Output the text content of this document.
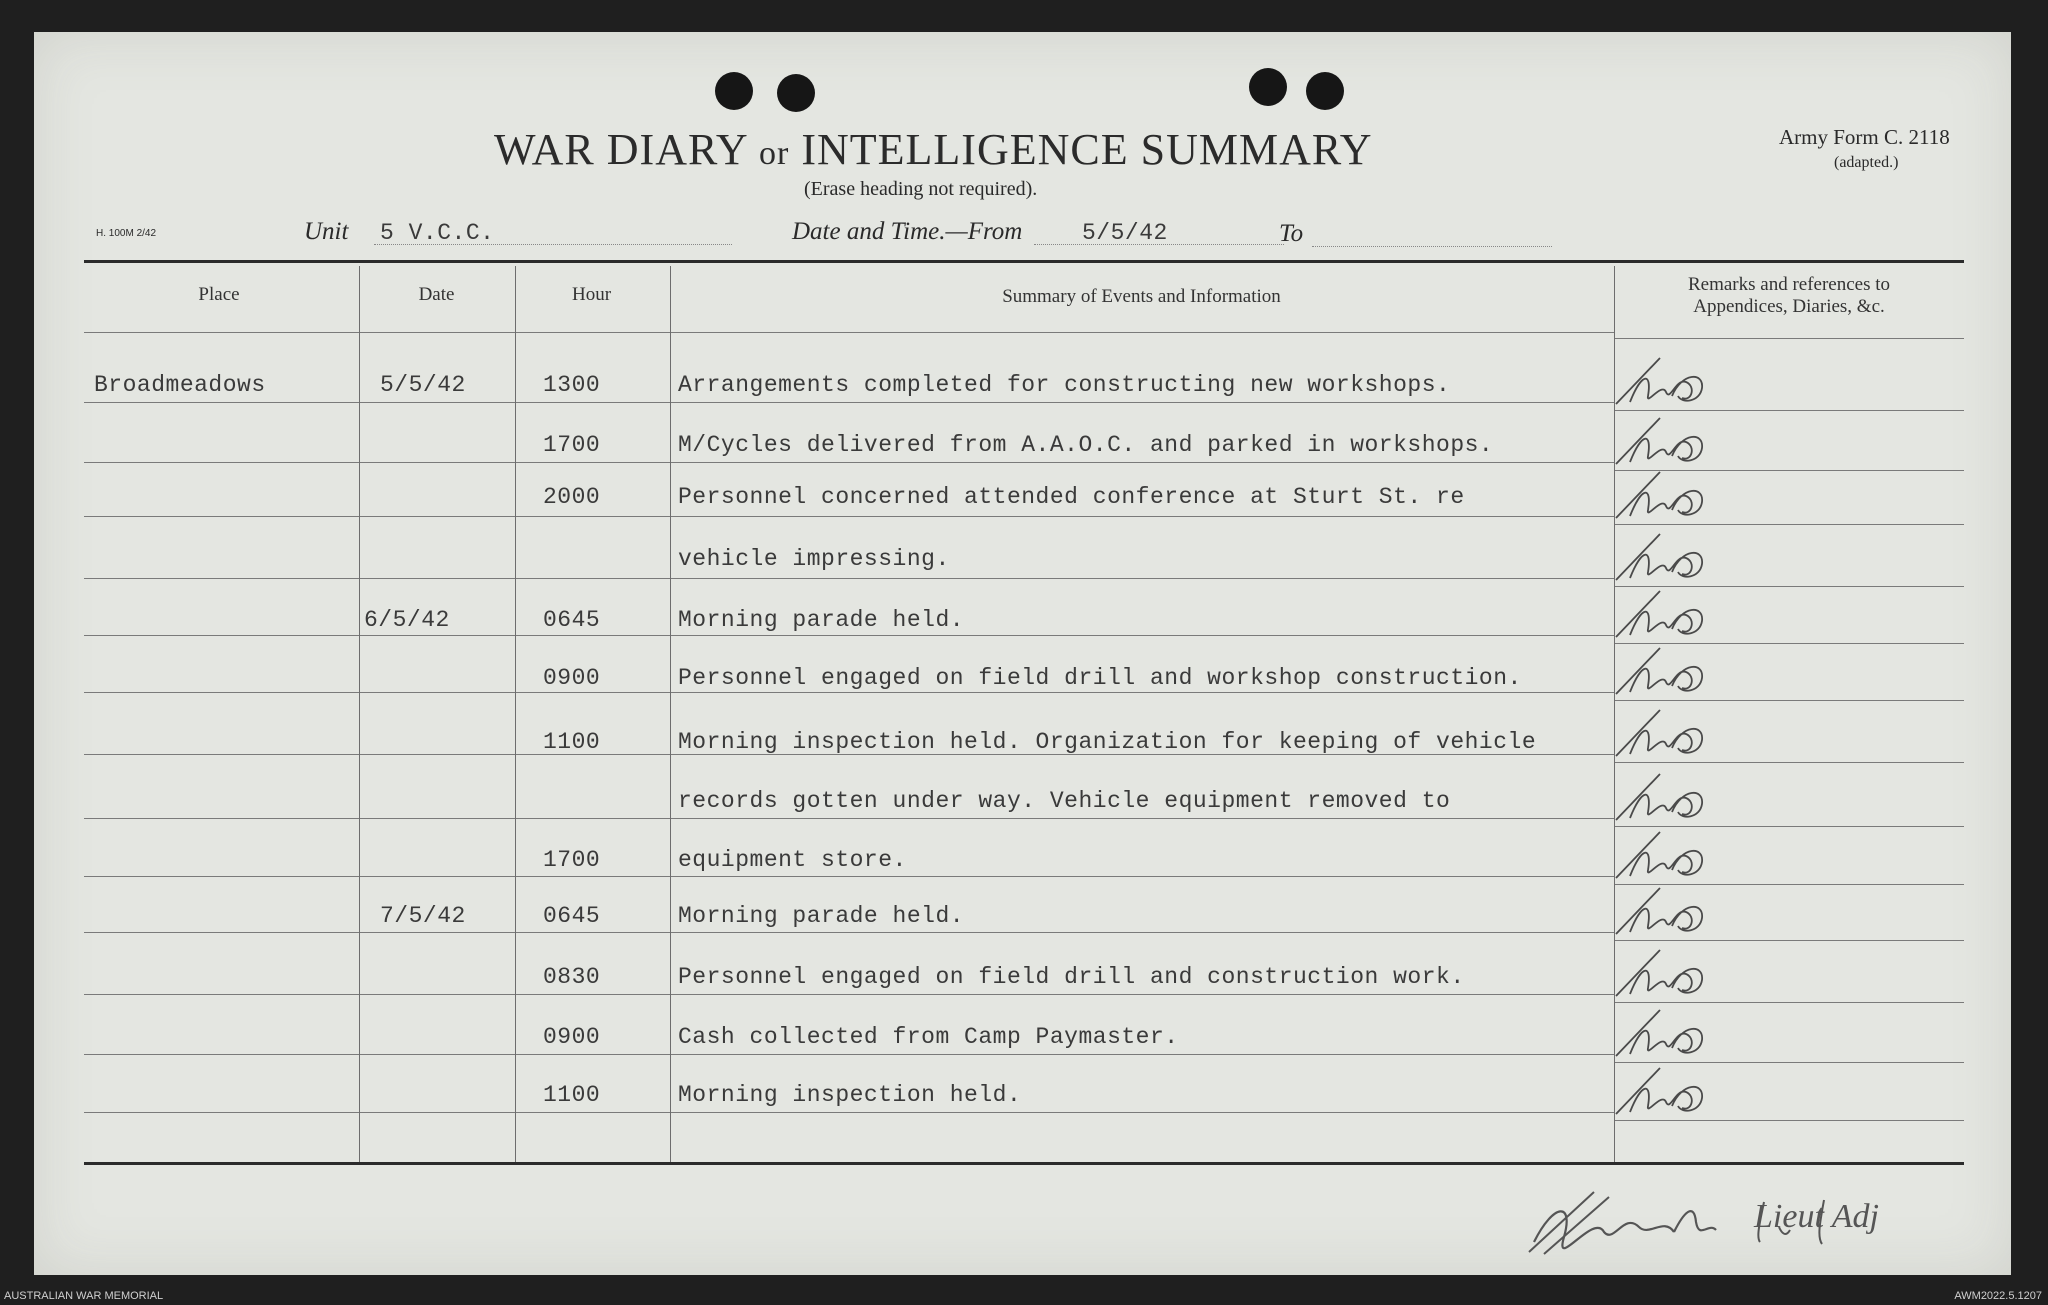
WAR DIARY or INTELLIGENCE SUMMARY
(Erase heading not required).
Army Form C. 2118
(adapted.)
H. 100M 2/42	Unit 5 V.C.C.	Date and Time.—From	5/5/42	To
Place	Date	Hour	Summary of Events and Information
Remarks and references to
Appendices, Diaries, &c.
Broadmeadows	5/5/42	1300	Arrangements completed for constructing new workshops.
1700	M/Cycles delivered from A.A.O.C. and parked in workshops.
2000	Personnel concerned attended conference at Sturt St. re
vehicle impressing.
6/5/42	0645	Morning parade held.
0900	Personnel engaged on field drill and workshop construction.
1100	Morning inspection held. Organization for keeping of vehicle
records gotten under way. Vehicle equipment removed to
1700	equipment store.
7/5/42	0645	Morning parade held.
0830	Personnel engaged on field drill and construction work.
0900	Cash collected from Camp Paymaster.
1100	Morning inspection held.
Lieut Adj
AUSTRALIAN WAR MEMORIAL	AWM2022.5.1207
